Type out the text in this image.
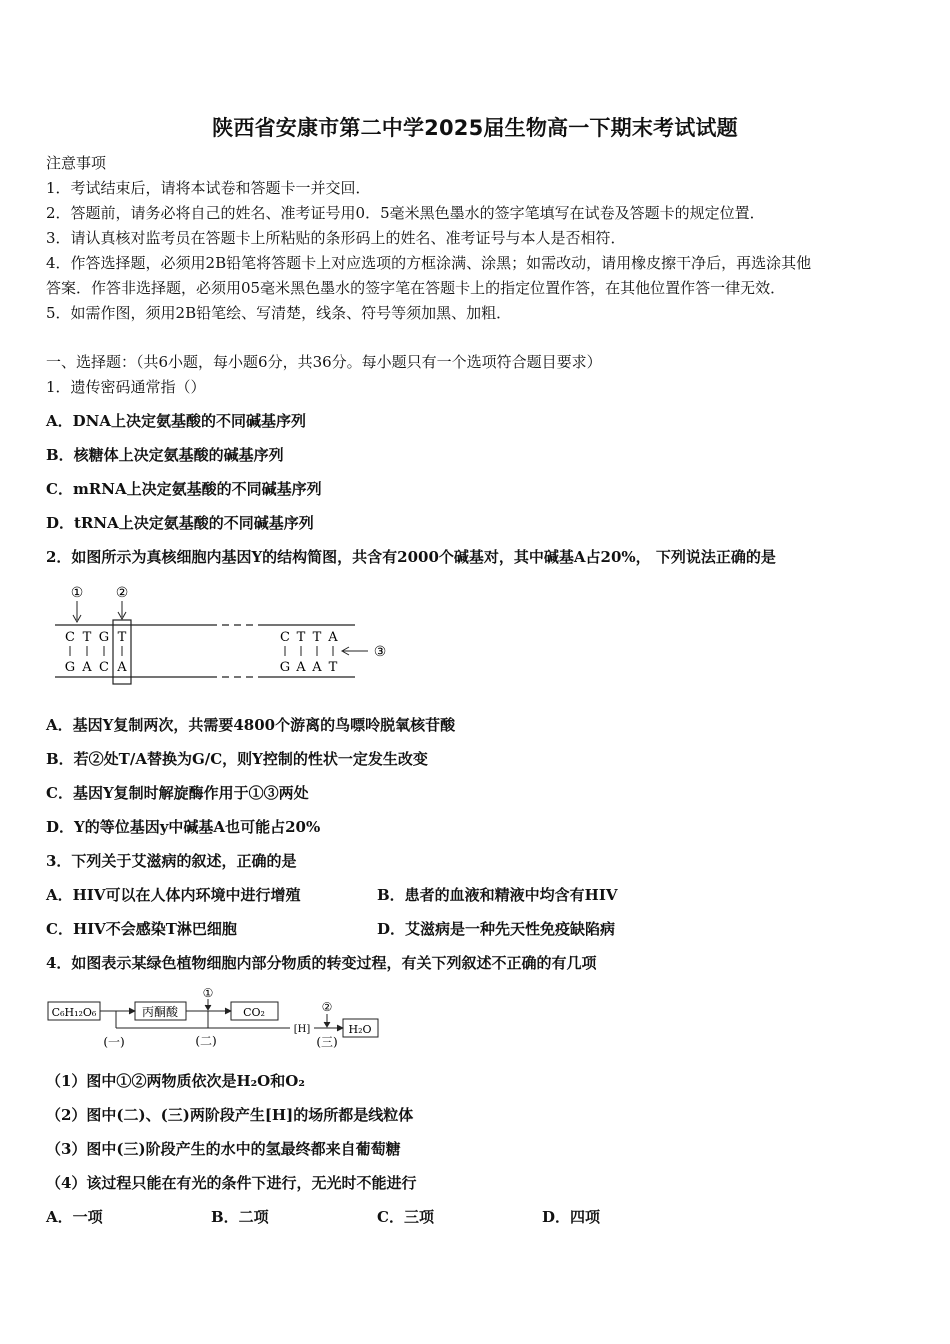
陕西省安康市第二中学2025届生物高一下期末考试试题
注意事项
1．考试结束后，请将本试卷和答题卡一并交回．
2．答题前，请务必将自己的姓名、准考证号用0．5毫米黑色墨水的签字笔填写在试卷及答题卡的规定位置．
3．请认真核对监考员在答题卡上所粘贴的条形码上的姓名、准考证号与本人是否相符．
4．作答选择题，必须用2B铅笔将答题卡上对应选项的方框涂满、涂黑；如需改动，请用橡皮擦干净后，再选涂其他
答案．作答非选择题，必须用05毫米黑色墨水的签字笔在答题卡上的指定位置作答，在其他位置作答一律无效．
5．如需作图，须用2B铅笔绘、写清楚，线条、符号等须加黑、加粗．
一、选择题：（共6小题，每小题6分，共36分。每小题只有一个选项符合题目要求）
1．遗传密码通常指（）
A．DNA上决定氨基酸的不同碱基序列
B．核糖体上决定氨基酸的碱基序列
C．mRNA上决定氨基酸的不同碱基序列
D．tRNA上决定氨基酸的不同碱基序列
2．如图所示为真核细胞内基因Y的结构简图，共含有2000个碱基对，其中碱基A占20%， 下列说法正确的是
① ②
C T G T
G A C A
C T T A
G A A T
③
A．基因Y复制两次，共需要4800个游离的鸟嘌呤脱氧核苷酸
B．若②处T/A替换为G/C，则Y控制的性状一定发生改变
C．基因Y复制时解旋酶作用于①③两处
D．Y的等位基因y中碱基A也可能占20%
3．下列关于艾滋病的叙述，正确的是
A．HIV可以在人体内环境中进行增殖	B．患者的血液和精液中均含有HIV
C．HIV不会感染T淋巴细胞	D．艾滋病是一种先天性免疫缺陷病
4．如图表示某绿色植物细胞内部分物质的转变过程，有关下列叙述不正确的有几项
C₆H₁₂O₆	丙酮酸	CO₂
H₂O
[H]
①
②
(一)	(二)	(三)
（1）图中①②两物质依次是H₂O和O₂
（2）图中(二)、(三)两阶段产生[H]的场所都是线粒体
（3）图中(三)阶段产生的水中的氢最终都来自葡萄糖
（4）该过程只能在有光的条件下进行，无光时不能进行
A．一项	B．二项	C．三项	D．四项
